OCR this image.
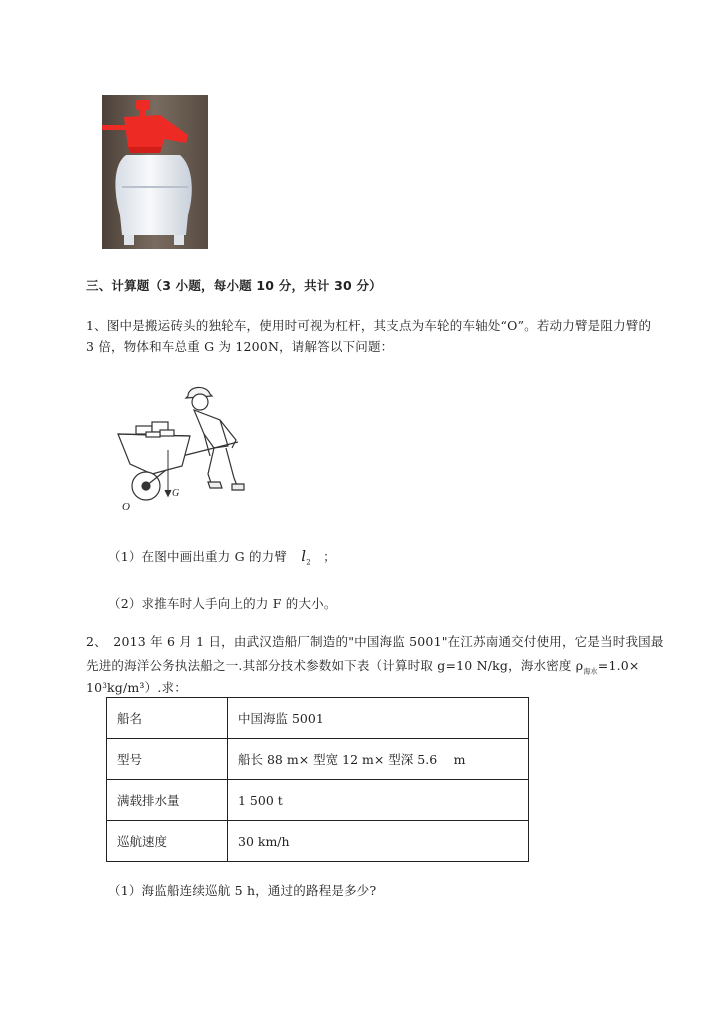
三、计算题（3 小题，每小题 10 分，共计 30 分）
1、图中是搬运砖头的独轮车，使用时可视为杠杆，其支点为车轮的车轴处“O”。若动力臂是阻力臂的
3 倍，物体和车总重 G 为 1200N，请解答以下问题：
O
G
（1）在图中画出重力 G 的力臂 $l_2$ ；
（2）求推车时人手向上的力 F 的大小。
2、　2013 年 6 月 1 日，由武汉造船厂制造的"中国海监 5001"在江苏南通交付使用，它是当时我国最
先进的海洋公务执法船之一.其部分技术参数如下表（计算时取 g=10 N/kg，海水密度 $\rho_{海水}=1.0\times$
$10^3kg/m^3$）.求：
船名	中国海监 5001
型号	船长 88 m× 型宽 12 m× 型深 5.6　 m
满载排水量	1 500 t
巡航速度	30 km/h
（1）海监船连续巡航 5 h，通过的路程是多少?
